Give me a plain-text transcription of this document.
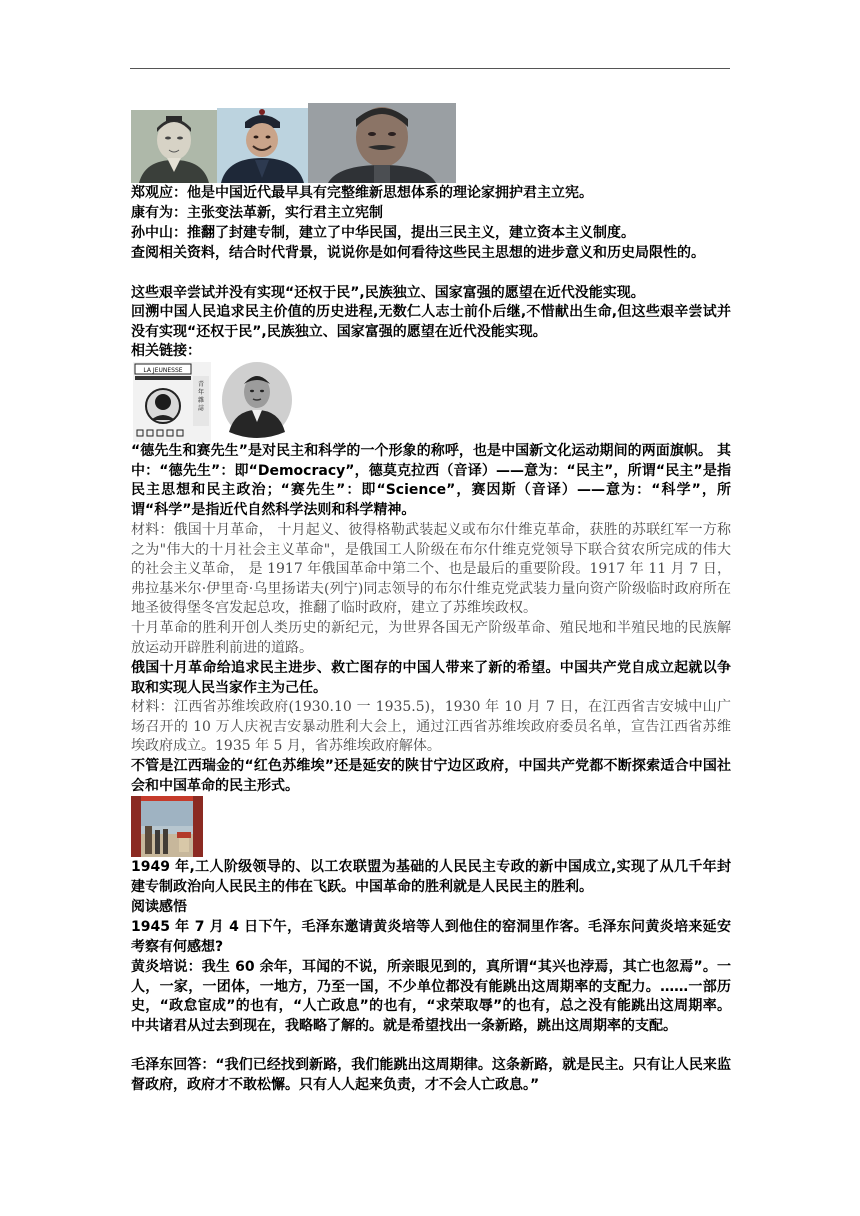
郑观应：他是中国近代最早具有完整维新思想体系的理论家拥护君主立宪。

康有为：主张变法革新，实行君主立宪制

孙中山：推翻了封建专制，建立了中华民国，提出三民主义，建立资本主义制度。

查阅相关资料，结合时代背景，说说你是如何看待这些民主思想的进步意义和历史局限性的。

这些艰辛尝试并没有实现“还权于民”,民族独立、国家富强的愿望在近代没能实现。

回溯中国人民追求民主价值的历史进程,无数仁人志士前仆后继,不惜献出生命,但这些艰辛尝试并没有实现“还权于民”,民族独立、国家富强的愿望在近代没能实现。

相关链接：

LA JEUNESSE
青
年
雜
誌

“德先生和赛先生”是对民主和科学的一个形象的称呼，也是中国新文化运动期间的两面旗帜。 其中：“德先生”：即“Democracy”，德莫克拉西（音译）——意为：“民主”，所谓“民主”是指民主思想和民主政治；“赛先生”：即“Science”，赛因斯（音译）——意为：“科学”，所谓“科学”是指近代自然科学法则和科学精神。

材料：俄国十月革命， 十月起义、彼得格勒武装起义或布尔什维克革命，获胜的苏联红军一方称之为"伟大的十月社会主义革命"，是俄国工人阶级在布尔什维克党领导下联合贫农所完成的伟大的社会主义革命， 是 1917 年俄国革命中第二个、也是最后的重要阶段。1917 年 11 月 7 日，弗拉基米尔·伊里奇·乌里扬诺夫(列宁)同志领导的布尔什维克党武装力量向资产阶级临时政府所在地圣彼得堡冬宫发起总攻，推翻了临时政府，建立了苏维埃政权。

十月革命的胜利开创人类历史的新纪元，为世界各国无产阶级革命、殖民地和半殖民地的民族解放运动开辟胜利前进的道路。

俄国十月革命给追求民主进步、救亡图存的中国人带来了新的希望。中国共产党自成立起就以争取和实现人民当家作主为己任。

材料：江西省苏维埃政府(1930.10 一 1935.5)，1930 年 10 月 7 日，在江西省吉安城中山广场召开的 10 万人庆祝吉安暴动胜利大会上，通过江西省苏维埃政府委员名单，宣告江西省苏维埃政府成立。1935 年 5 月，省苏维埃政府解体。

不管是江西瑞金的“红色苏维埃”还是延安的陕甘宁边区政府，中国共产党都不断探索适合中国社会和中国革命的民主形式。

1949 年,工人阶级领导的、以工农联盟为基础的人民民主专政的新中国成立,实现了从几千年封建专制政治向人民民主的伟在飞跃。中国革命的胜利就是人民民主的胜利。

阅读感悟

1945 年 7 月 4 日下午，毛泽东邀请黄炎培等人到他住的窑洞里作客。毛泽东问黄炎培来延安考察有何感想?

黄炎培说：我生 60 余年，耳闻的不说，所亲眼见到的，真所谓“其兴也浡焉，其亡也忽焉”。一人，一家，一团体，一地方，乃至一国，不少单位都没有能跳出这周期率的支配力。……一部历史，“政怠宦成”的也有，“人亡政息”的也有，“求荣取辱”的也有，总之没有能跳出这周期率。中共诸君从过去到现在，我略略了解的。就是希望找出一条新路，跳出这周期率的支配。

毛泽东回答：“我们已经找到新路，我们能跳出这周期律。这条新路，就是民主。只有让人民来监督政府，政府才不敢松懈。只有人人起来负责，才不会人亡政息。”
